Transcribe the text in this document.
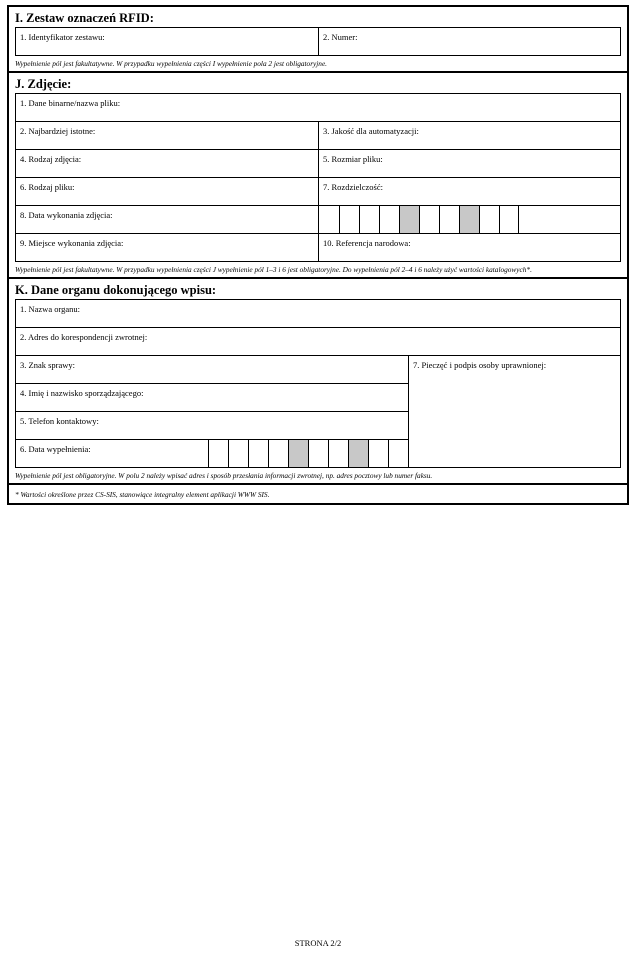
I. Zestaw oznaczeń RFID:
1. Identyfikator zestawu:	2. Numer:
Wypełnienie pól jest fakultatywne. W przypadku wypełnienia części I wypełnienie pola 2 jest obligatoryjne.
J. Zdjęcie:
1. Dane binarne/nazwa pliku:
2. Najbardziej istotne:	3. Jakość dla automatyzacji:
4. Rodzaj zdjęcia:	5. Rozmiar pliku:
6. Rodzaj pliku:	7. Rozdzielczość:
8. Data wykonania zdjęcia:
9. Miejsce wykonania zdjęcia:	10. Referencja narodowa:
Wypełnienie pól jest fakultatywne. W przypadku wypełnienia części J wypełnienie pól 1–3 i 6 jest obligatoryjne. Do wypełnienia pól 2–4 i 6 należy użyć wartości katalogowych*.
K. Dane organu dokonującego wpisu:
1. Nazwa organu:
2. Adres do korespondencji zwrotnej:
3. Znak sprawy:
4. Imię i nazwisko sporządzającego:
5. Telefon kontaktowy:
6. Data wypełnienia:
7. Pieczęć i podpis osoby uprawnionej:
Wypełnienie pól jest obligatoryjne. W polu 2 należy wpisać adres i sposób przesłania informacji zwrotnej, np. adres pocztowy lub numer faksu.
* Wartości określone przez CS-SIS, stanowiące integralny element aplikacji WWW SIS.
STRONA 2/2
